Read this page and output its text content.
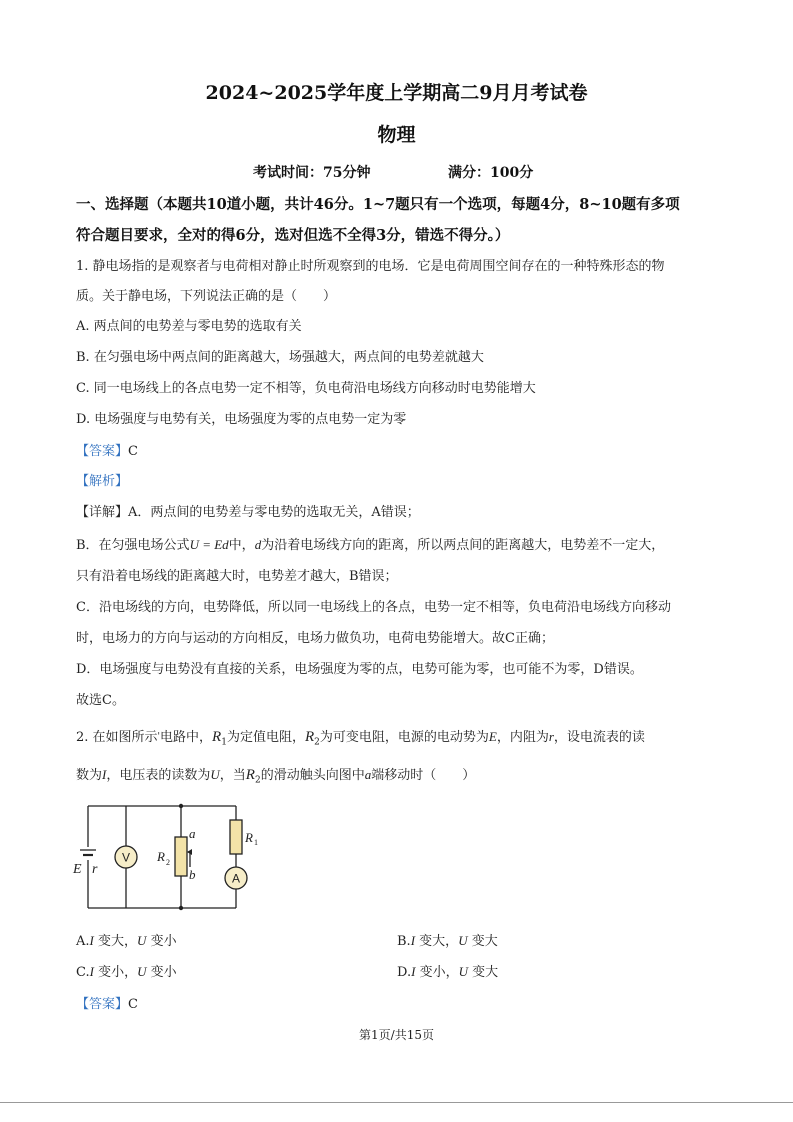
2024~2025学年度上学期高二9月月考试卷
物理
考试时间：75分钟	满分：100分
一、选择题（本题共10道小题，共计46分。1~7题只有一个选项，每题4分，8~10题有多项
符合题目要求，全对的得6分，选对但选不全得3分，错选不得分。）
1. 静电场指的是观察者与电荷相对静止时所观察到的电场．它是电荷周围空间存在的一种特殊形态的物
质。关于静电场，下列说法正确的是（　　）
A. 两点间的电势差与零电势的选取有关
B. 在匀强电场中两点间的距离越大，场强越大，两点间的电势差就越大
C. 同一电场线上的各点电势一定不相等，负电荷沿电场线方向移动时电势能增大
D. 电场强度与电势有关，电场强度为零的点电势一定为零
【答案】C
【解析】
【详解】A．两点间的电势差与零电势的选取无关，A错误；
B．在匀强电场公式U = Ed中，d为沿着电场线方向的距离，所以两点间的距离越大，电势差不一定大，
只有沿着电场线的距离越大时，电势差才越大，B错误；
C．沿电场线的方向，电势降低，所以同一电场线上的各点，电势一定不相等，负电荷沿电场线方向移动
时，电场力的方向与运动的方向相反，电场力做负功，电荷电势能增大。故C正确；
D．电场强度与电势没有直接的关系，电场强度为零的点，电势可能为零，也可能不为零，D错误。
故选C。
2. 在如图所示'电路中，$R_1$为定值电阻，$R_2$为可变电阻，电源的电动势为E，内阻为r，设电流表的读
数为I，电压表的读数为U，当$R_2$的滑动触头向图中a端移动时（　　）
V
A
a
b
R 2
R 1
E r
A.I 变大，U 变小	B.I 变大，U 变大
C.I 变小，U 变小	D.I 变小，U 变大
【答案】C
第1页/共15页
